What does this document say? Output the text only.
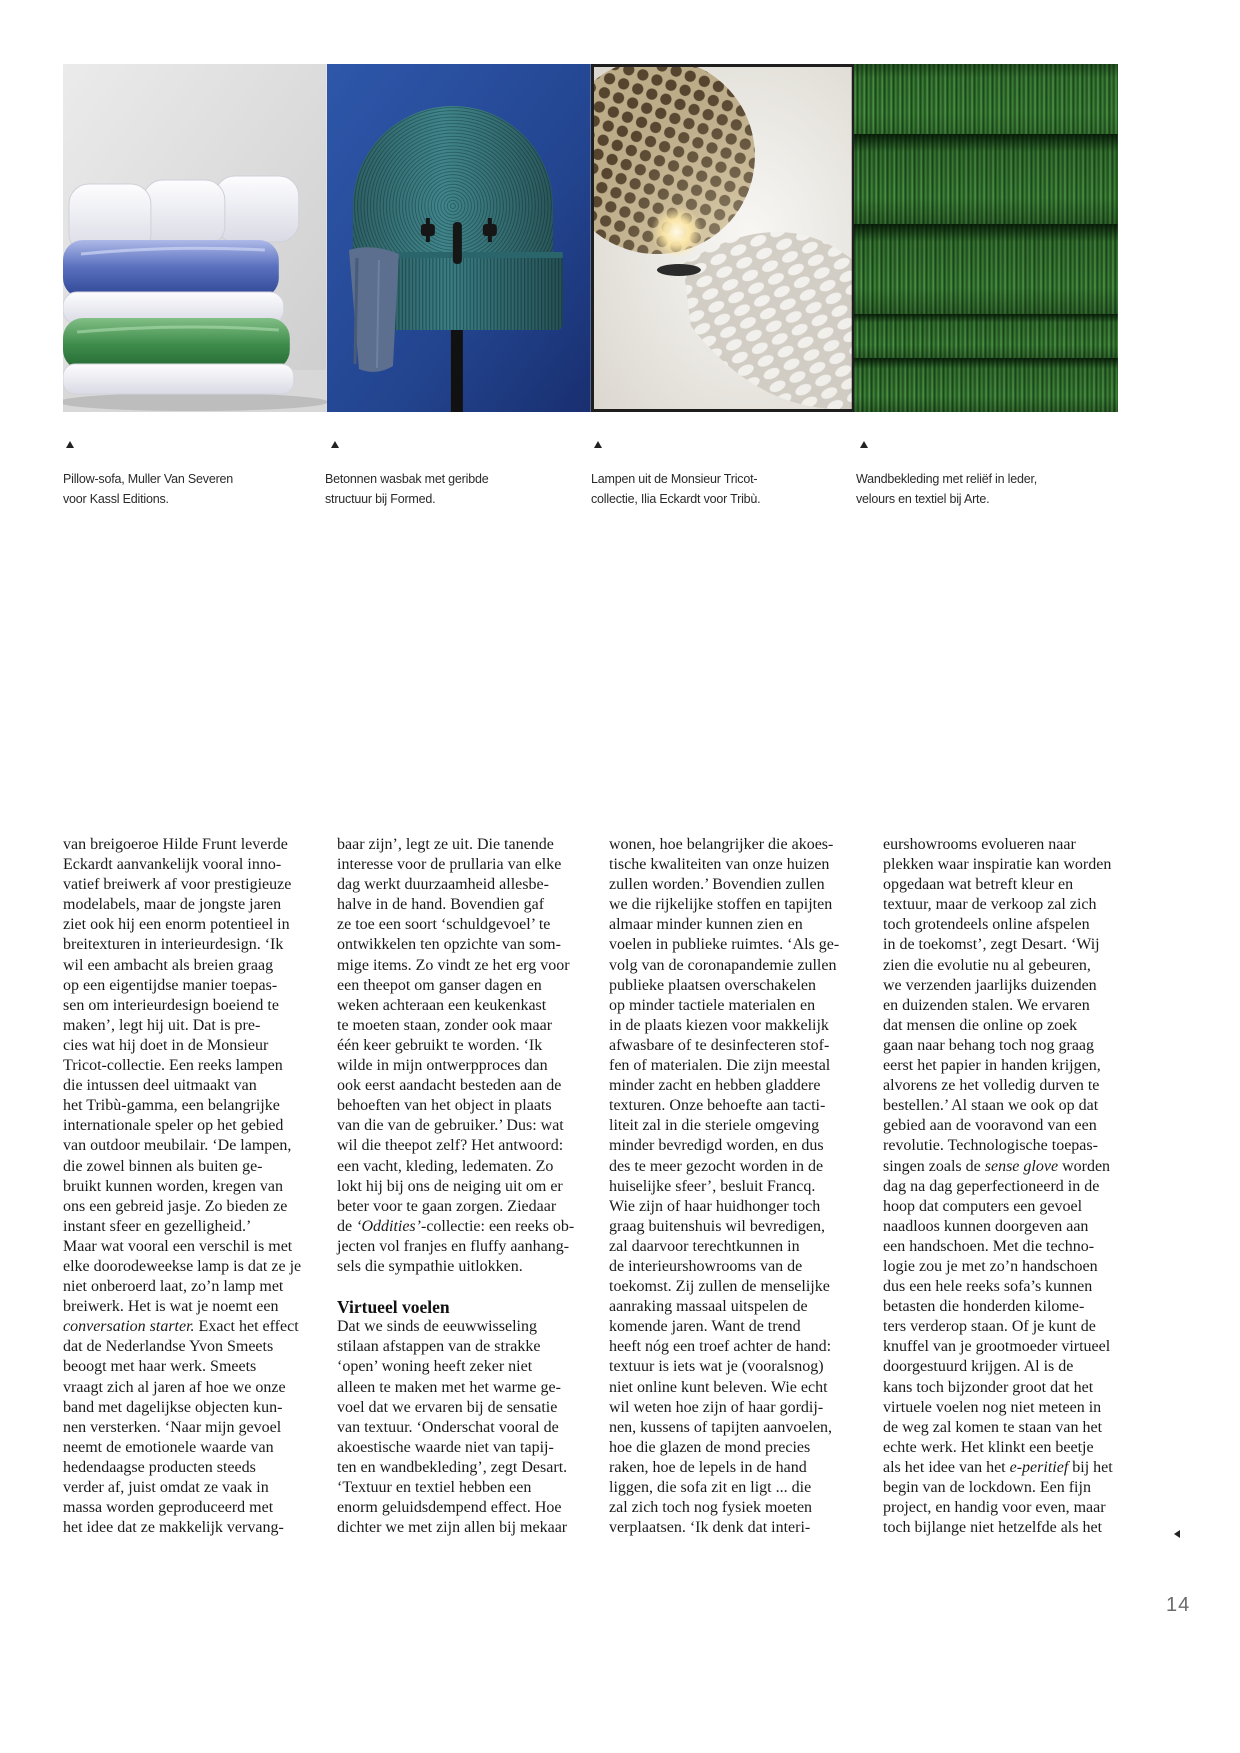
Pillow-sofa, Muller Van Severen
voor Kassl Editions.
Betonnen wasbak met geribde
structuur bij Formed.
Lampen uit de Monsieur Tricot-
collectie, Ilia Eckardt voor Tribù.
Wandbekleding met reliëf in leder,
velours en textiel bij Arte.
van breigoeroe Hilde Frunt leverde
Eckardt aanvankelijk vooral inno-
vatief breiwerk af voor prestigieuze
modelabels, maar de jongste jaren
ziet ook hij een enorm potentieel in
breitexturen in interieurdesign. ‘Ik
wil een ambacht als breien graag
op een eigentijdse manier toepas-
sen om interieurdesign boeiend te
maken’, legt hij uit. Dat is pre-
cies wat hij doet in de Monsieur
Tricot-collectie. Een reeks lampen
die intussen deel uitmaakt van
het Tribù-gamma, een belangrijke
internationale speler op het gebied
van outdoor meubilair. ‘De lampen,
die zowel binnen als buiten ge-
bruikt kunnen worden, kregen van
ons een gebreid jasje. Zo bieden ze
instant sfeer en gezelligheid.’
Maar wat vooral een verschil is met
elke doorodeweekse lamp is dat ze je
niet onberoerd laat, zo’n lamp met
breiwerk. Het is wat je noemt een
conversation starter. Exact het effect
dat de Nederlandse Yvon Smeets
beoogt met haar werk. Smeets
vraagt zich al jaren af hoe we onze
band met dagelijkse objecten kun-
nen versterken. ‘Naar mijn gevoel
neemt de emotionele waarde van
hedendaagse producten steeds
verder af, juist omdat ze vaak in
massa worden geproduceerd met
het idee dat ze makkelijk vervang-
baar zijn’, legt ze uit. Die tanende
interesse voor de prullaria van elke
dag werkt duurzaamheid allesbe-
halve in de hand. Bovendien gaf
ze toe een soort ‘schuldgevoel’ te
ontwikkelen ten opzichte van som-
mige items. Zo vindt ze het erg voor
een theepot om ganser dagen en
weken achteraan een keukenkast
te moeten staan, zonder ook maar
één keer gebruikt te worden. ‘Ik
wilde in mijn ontwerpproces dan
ook eerst aandacht besteden aan de
behoeften van het object in plaats
van die van de gebruiker.’ Dus: wat
wil die theepot zelf? Het antwoord:
een vacht, kleding, ledematen. Zo
lokt hij bij ons de neiging uit om er
beter voor te gaan zorgen. Ziedaar
de ‘Oddities’-collectie: een reeks ob-
jecten vol franjes en fluffy aanhang-
sels die sympathie uitlokken.
Virtueel voelen
Dat we sinds de eeuwwisseling
stilaan afstappen van de strakke
‘open’ woning heeft zeker niet
alleen te maken met het warme ge-
voel dat we ervaren bij de sensatie
van textuur. ‘Onderschat vooral de
akoestische waarde niet van tapij-
ten en wandbekleding’, zegt Desart.
‘Textuur en textiel hebben een
enorm geluidsdempend effect. Hoe
dichter we met zijn allen bij mekaar
wonen, hoe belangrijker die akoes-
tische kwaliteiten van onze huizen
zullen worden.’ Bovendien zullen
we die rijkelijke stoffen en tapijten
almaar minder kunnen zien en
voelen in publieke ruimtes. ‘Als ge-
volg van de coronapandemie zullen
publieke plaatsen overschakelen
op minder tactiele materialen en
in de plaats kiezen voor makkelijk
afwasbare of te desinfecteren stof-
fen of materialen. Die zijn meestal
minder zacht en hebben gladdere
texturen. Onze behoefte aan tacti-
liteit zal in die steriele omgeving
minder bevredigd worden, en dus
des te meer gezocht worden in de
huiselijke sfeer’, besluit Francq.
Wie zijn of haar huidhonger toch
graag buitenshuis wil bevredigen,
zal daarvoor terechtkunnen in
de interieurshowrooms van de
toekomst. Zij zullen de menselijke
aanraking massaal uitspelen de
komende jaren. Want de trend
heeft nóg een troef achter de hand:
textuur is iets wat je (vooralsnog)
niet online kunt beleven. Wie echt
wil weten hoe zijn of haar gordij-
nen, kussens of tapijten aanvoelen,
hoe die glazen de mond precies
raken, hoe de lepels in de hand
liggen, die sofa zit en ligt ... die
zal zich toch nog fysiek moeten
verplaatsen. ‘Ik denk dat interi-
eurshowrooms evolueren naar
plekken waar inspiratie kan worden
opgedaan wat betreft kleur en
textuur, maar de verkoop zal zich
toch grotendeels online afspelen
in de toekomst’, zegt Desart. ‘Wij
zien die evolutie nu al gebeuren,
we verzenden jaarlijks duizenden
en duizenden stalen. We ervaren
dat mensen die online op zoek
gaan naar behang toch nog graag
eerst het papier in handen krijgen,
alvorens ze het volledig durven te
bestellen.’ Al staan we ook op dat
gebied aan de vooravond van een
revolutie. Technologische toepas-
singen zoals de sense glove worden
dag na dag geperfectioneerd in de
hoop dat computers een gevoel
naadloos kunnen doorgeven aan
een handschoen. Met die techno-
logie zou je met zo’n handschoen
dus een hele reeks sofa’s kunnen
betasten die honderden kilome-
ters verderop staan. Of je kunt de
knuffel van je grootmoeder virtueel
doorgestuurd krijgen. Al is de
kans toch bijzonder groot dat het
virtuele voelen nog niet meteen in
de weg zal komen te staan van het
echte werk. Het klinkt een beetje
als het idee van het e-peritief bij het
begin van de lockdown. Een fijn
project, en handig voor even, maar
toch bijlange niet hetzelfde als het
14
